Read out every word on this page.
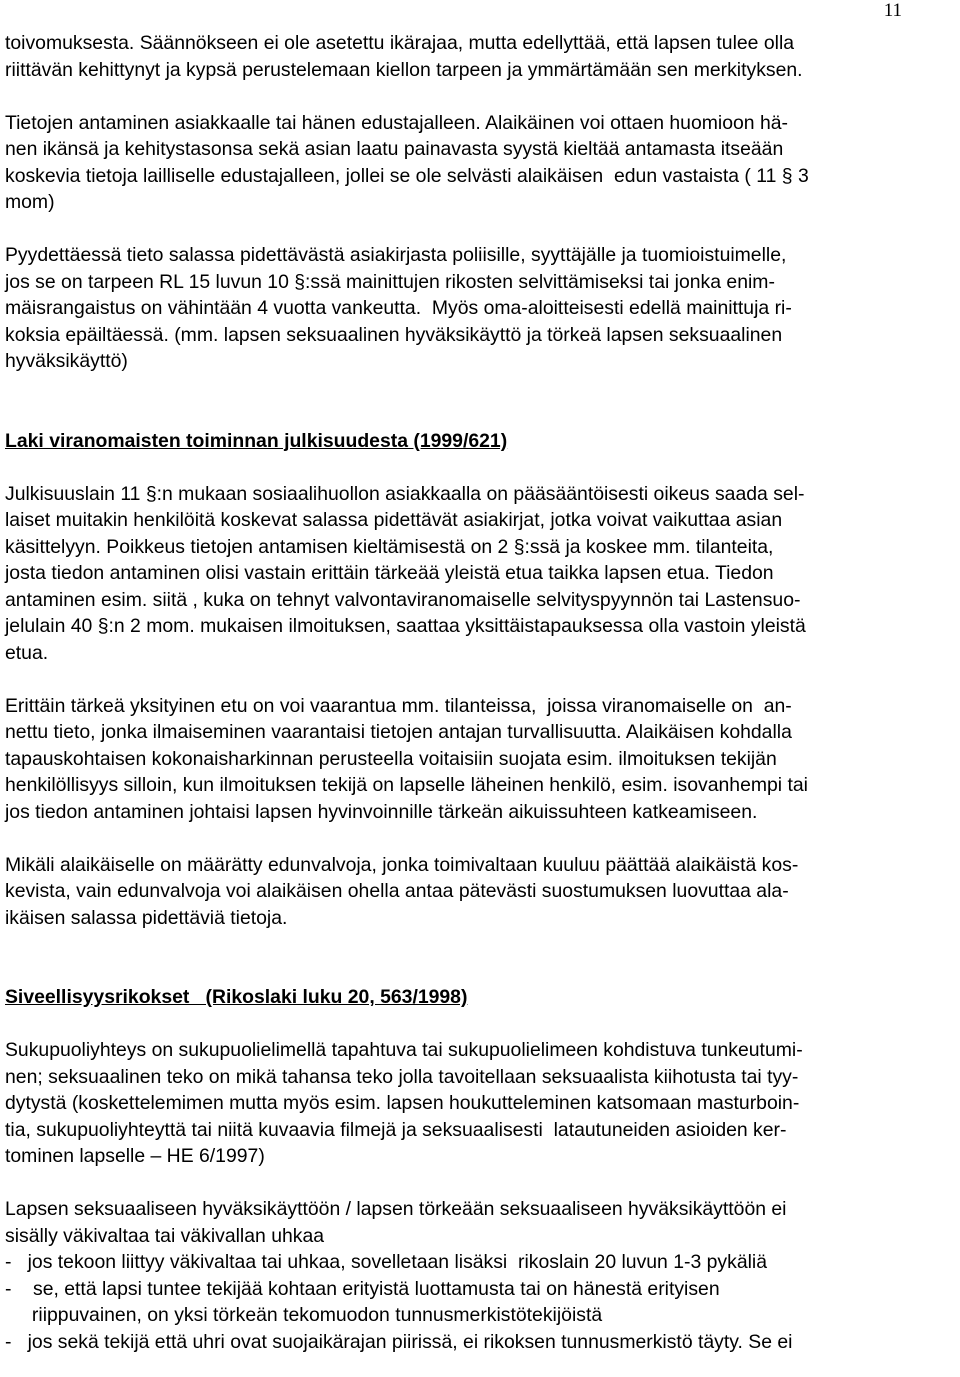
11
toivomuksesta. Säännökseen ei ole asetettu ikärajaa, mutta edellyttää, että lapsen tulee olla
riittävän kehittynyt ja kypsä perustelemaan kiellon tarpeen ja ymmärtämään sen merkityksen.
Tietojen antaminen asiakkaalle tai hänen edustajalleen. Alaikäinen voi ottaen huomioon hä-
nen ikänsä ja kehitystasonsa sekä asian laatu painavasta syystä kieltää antamasta itseään
koskevia tietoja lailliselle edustajalleen, jollei se ole selvästi alaikäisen  edun vastaista ( 11 § 3
mom)
Pyydettäessä tieto salassa pidettävästä asiakirjasta poliisille, syyttäjälle ja tuomioistuimelle,
jos se on tarpeen RL 15 luvun 10 §:ssä mainittujen rikosten selvittämiseksi tai jonka enim-
mäisrangaistus on vähintään 4 vuotta vankeutta.  Myös oma-aloitteisesti edellä mainittuja ri-
koksia epäiltäessä. (mm. lapsen seksuaalinen hyväksikäyttö ja törkeä lapsen seksuaalinen
hyväksikäyttö)
Laki viranomaisten toiminnan julkisuudesta (1999/621)
Julkisuuslain 11 §:n mukaan sosiaalihuollon asiakkaalla on pääsääntöisesti oikeus saada sel-
laiset muitakin henkilöitä koskevat salassa pidettävät asiakirjat, jotka voivat vaikuttaa asian
käsittelyyn. Poikkeus tietojen antamisen kieltämisestä on 2 §:ssä ja koskee mm. tilanteita,
josta tiedon antaminen olisi vastain erittäin tärkeää yleistä etua taikka lapsen etua. Tiedon
antaminen esim. siitä , kuka on tehnyt valvontaviranomaiselle selvityspyynnön tai Lastensuo-
jelulain 40 §:n 2 mom. mukaisen ilmoituksen, saattaa yksittäistapauksessa olla vastoin yleistä
etua.
Erittäin tärkeä yksityinen etu on voi vaarantua mm. tilanteissa,  joissa viranomaiselle on  an-
nettu tieto, jonka ilmaiseminen vaarantaisi tietojen antajan turvallisuutta. Alaikäisen kohdalla
tapauskohtaisen kokonaisharkinnan perusteella voitaisiin suojata esim. ilmoituksen tekijän
henkilöllisyys silloin, kun ilmoituksen tekijä on lapselle läheinen henkilö, esim. isovanhempi tai
jos tiedon antaminen johtaisi lapsen hyvinvoinnille tärkeän aikuissuhteen katkeamiseen.
Mikäli alaikäiselle on määrätty edunvalvoja, jonka toimivaltaan kuuluu päättää alaikäistä kos-
kevista, vain edunvalvoja voi alaikäisen ohella antaa pätevästi suostumuksen luovuttaa ala-
ikäisen salassa pidettäviä tietoja.
Siveellisyysrikokset   (Rikoslaki luku 20, 563/1998)
Sukupuoliyhteys on sukupuolielimellä tapahtuva tai sukupuolielimeen kohdistuva tunkeutumi-
nen; seksuaalinen teko on mikä tahansa teko jolla tavoitellaan seksuaalista kiihotusta tai tyy-
dytystä (koskettelemimen mutta myös esim. lapsen houkutteleminen katsomaan masturboin-
tia, sukupuoliyhteyttä tai niitä kuvaavia filmejä ja seksuaalisesti  latautuneiden asioiden ker-
tominen lapselle – HE 6/1997)
Lapsen seksuaaliseen hyväksikäyttöön / lapsen törkeään seksuaaliseen hyväksikäyttöön ei
sisälly väkivaltaa tai väkivallan uhkaa
-   jos tekoon liittyy väkivaltaa tai uhkaa, sovelletaan lisäksi  rikoslain 20 luvun 1-3 pykäliä
-    se, että lapsi tuntee tekijää kohtaan erityistä luottamusta tai on hänestä erityisen
riippuvainen, on yksi törkeän tekomuodon tunnusmerkistötekijöistä
-   jos sekä tekijä että uhri ovat suojaikärajan piirissä, ei rikoksen tunnusmerkistö täyty. Se ei
